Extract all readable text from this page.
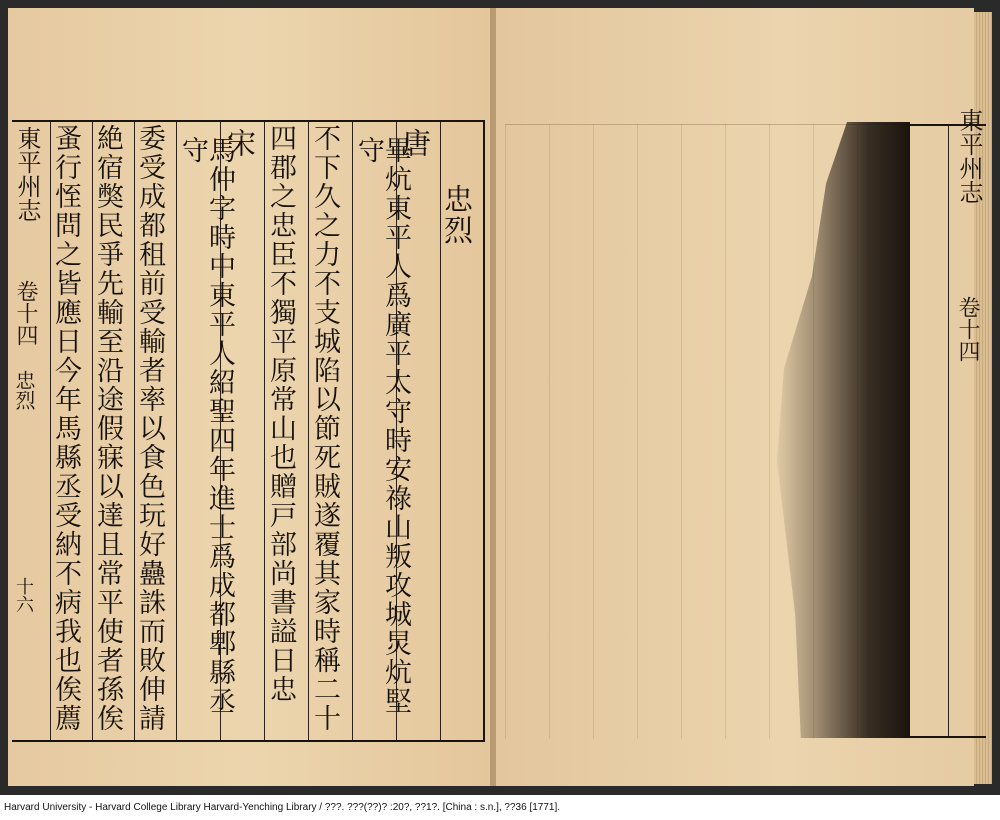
忠烈
唐
宋	畢炕東平人爲廣平太守時安祿山叛攻城炅炕堅守
不下久之力不支城陷以節死賊遂覆其家時稱二十
四郡之忠臣不獨平原常山也贈戸部尚書謚日忠
馬仲字時中東平人紹聖四年進士爲成都郫縣丞守
委受成都租前受輸者率以食色玩好蠱誅而敗伸請
絶宿獘民爭先輸至沿途假寐以達且常平使者孫俟
蚤行恎問之皆應日今年馬縣丞受納不病我也俟薦
東平州志
卷十四
忠烈
十六
東平州志
卷十四
Harvard University - Harvard College Library Harvard-Yenching Library / ???. ???(??)? :20?, ??1?. [China : s.n.], ??36 [1771].
